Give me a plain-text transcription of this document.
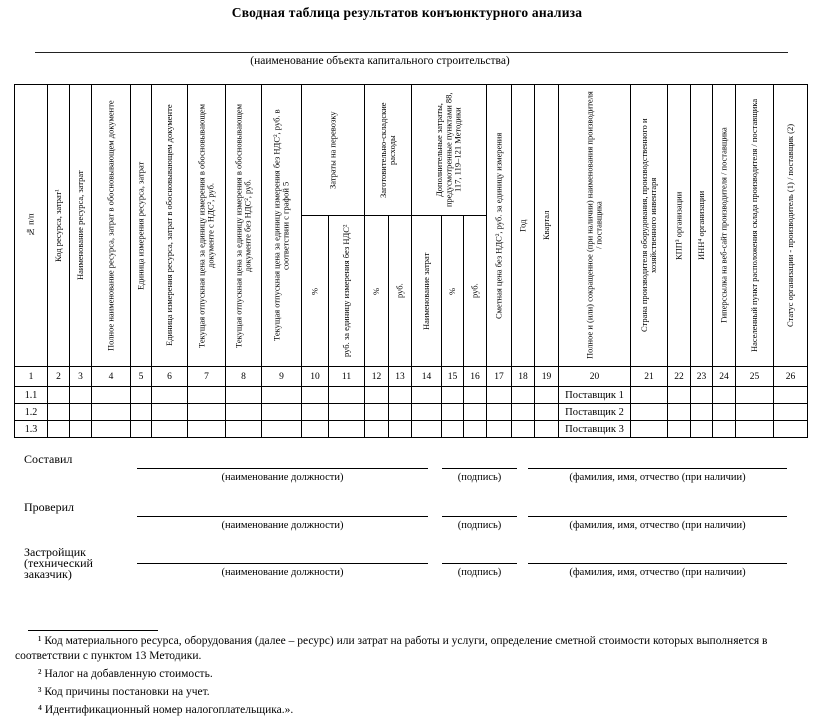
Сводная таблица результатов конъюнктурного анализа
(наименование объекта капитального строительства)
№ п/п	Код ресурса, затрат¹	Наименование ресурса, затрат	Полное наименование ресурса, затрат в обосновывающем документе	Единица измерения ресурса, затрат	Единица измерения ресурса, затрат в обосновывающем документе	Текущая отпускная цена за единицу измерения в обосновывающем документе с НДС², руб.	Текущая отпускная цена за единицу измерения в обосновывающем документе без НДС², руб.	Текущая отпускная цена за единицу измерения без НДС², руб. в соответствии с графой 5	Затраты на перевозку		Заготовительно-складские расходы		Дополнительные затраты, предусмотренные пунктами 88, 117, 119–121 Методики			Сметная цена без НДС², руб. за единицу измерения	Год	Квартал	Полное и (или) сокращенное (при наличии) наименования производителя / поставщика	Страна производителя оборудования, производственного и хозяйственного инвентаря	КПП³ организации	ИНН⁴ организации	Гиперссылка на веб-сайт производителя / поставщика	Населенный пункт расположения склада производителя / поставщика	Статус организации - производитель (1) / поставщик (2)

									%	руб. за единицу измерения без НДС²	%	руб.	Наименование затрат	%	руб.										

1	2	3	4	5	6	7	8	9	10	11	12	13	14	15	16	17	18	19	20	21	22	23	24	25	26
1.1																			Поставщик 1						
1.2																			Поставщик 2						
1.3																			Поставщик 3						
Составил
(наименование должности)	(подпись)	(фамилия, имя, отчество (при наличии)
Проверил
(наименование должности)	(подпись)	(фамилия, имя, отчество (при наличии)
Застройщик (технический заказчик)	(наименование должности)	(подпись)	(фамилия, имя, отчество (при наличии)

¹ Код материального ресурса, оборудования (далее – ресурс) или затрат на работы и услуги, определение сметной стоимости которых выполняется в соответствии с пунктом 13 Методики.

² Налог на добавленную стоимость.

³ Код причины постановки на учет.

⁴ Идентификационный номер налогоплательщика.».
